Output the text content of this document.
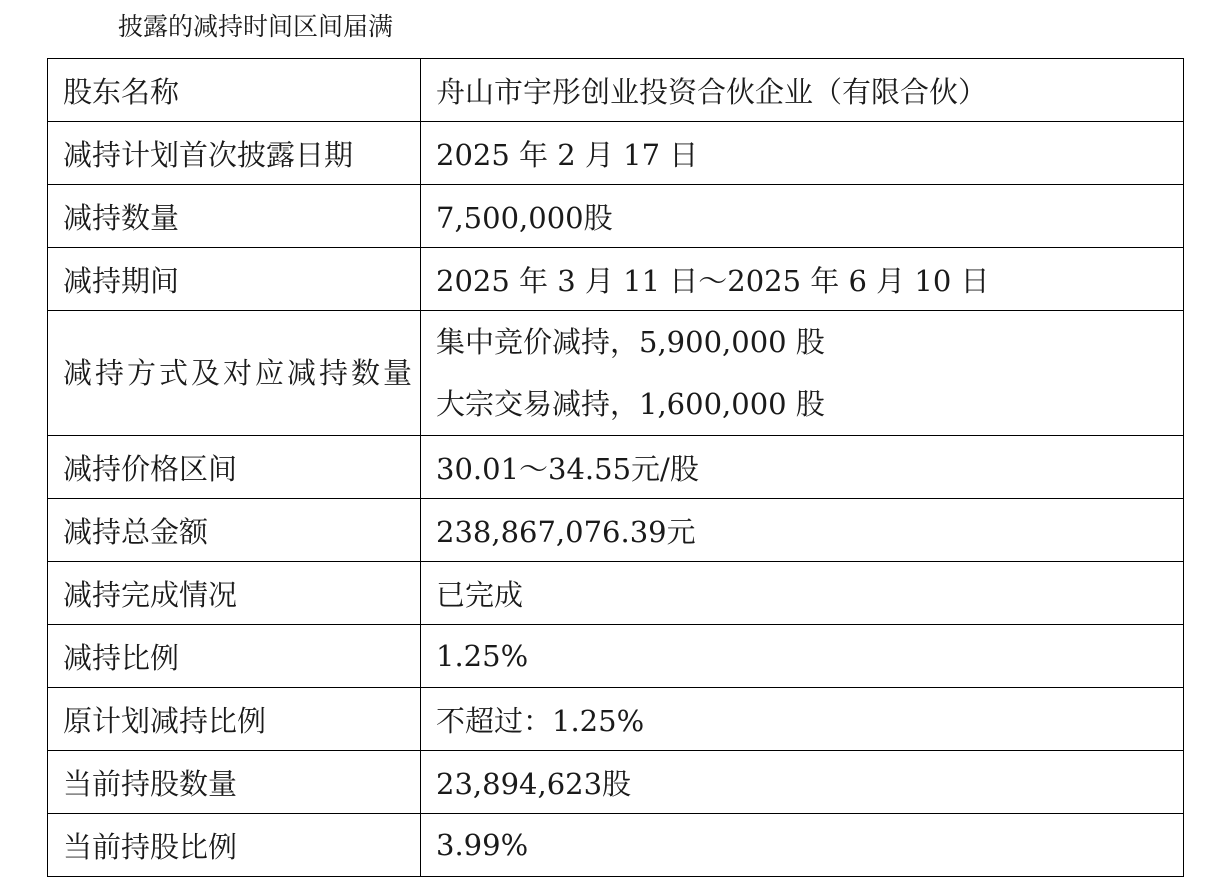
披露的减持时间区间届满
股东名称	舟山市宇彤创业投资合伙企业（有限合伙）
减持计划首次披露日期	2025 年 2 月 17 日
减持数量	7,500,000股
减持期间	2025 年 3 月 11 日～2025 年 6 月 10 日
减持方式及对应减持数量	集中竞价减持，5,900,000 股
大宗交易减持，1,600,000 股

减持价格区间	30.01～34.55元/股
减持总金额	238,867,076.39元
减持完成情况	已完成
减持比例	1.25%
原计划减持比例	不超过：1.25%
当前持股数量	23,894,623股
当前持股比例	3.99%
